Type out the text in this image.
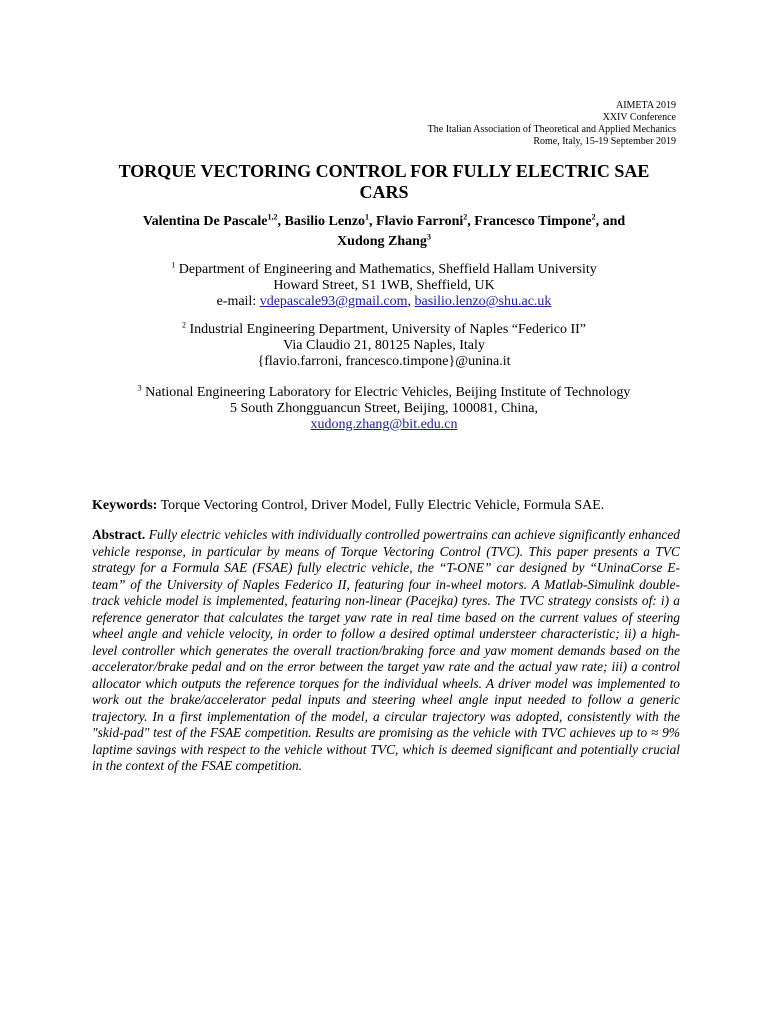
AIMETA 2019
XXIV Conference
The Italian Association of Theoretical and Applied Mechanics
Rome, Italy, 15-19 September 2019
TORQUE VECTORING CONTROL FOR FULLY ELECTRIC SAE
CARS
Valentina De Pascale$^{1,2}$, Basilio Lenzo$^1$, Flavio Farroni$^2$, Francesco Timpone$^2$, and
Xudong Zhang$^3$
$^1$ Department of Engineering and Mathematics, Sheffield Hallam University
Howard Street, S1 1WB, Sheffield, UK
e-mail: vdepascale93@gmail.com, basilio.lenzo@shu.ac.uk
$^2$ Industrial Engineering Department, University of Naples “Federico II”
Via Claudio 21, 80125 Naples, Italy
{flavio.farroni, francesco.timpone}@unina.it
$^3$ National Engineering Laboratory for Electric Vehicles, Beijing Institute of Technology
5 South Zhongguancun Street, Beijing, 100081, China,
xudong.zhang@bit.edu.cn
Keywords: Torque Vectoring Control, Driver Model, Fully Electric Vehicle, Formula SAE.
Abstract. Fully electric vehicles with individually controlled powertrains can achieve significantly enhanced vehicle response, in particular by means of Torque Vectoring Control (TVC). This paper presents a TVC strategy for a Formula SAE (FSAE) fully electric vehicle, the “T-ONE” car designed by “UninaCorse E-team” of the University of Naples Federico II, featuring four in-wheel motors. A Matlab-Simulink double-track vehicle model is implemented, featuring non-linear (Pacejka) tyres. The TVC strategy consists of: i) a reference generator that calculates the target yaw rate in real time based on the current values of steering wheel angle and vehicle velocity, in order to follow a desired optimal understeer characteristic; ii) a high-level controller which generates the overall traction/braking force and yaw moment demands based on the accelerator/brake pedal and on the error between the target yaw rate and the actual yaw rate; iii) a control allocator which outputs the reference torques for the individual wheels. A driver model was implemented to work out the brake/accelerator pedal inputs and steering wheel angle input needed to follow a generic trajectory. In a first implementation of the model, a circular trajectory was adopted, consistently with the "skid-pad" test of the FSAE competition. Results are promising as the vehicle with TVC achieves up to ≈ 9% laptime savings with respect to the vehicle without TVC, which is deemed significant and potentially crucial in the context of the FSAE competition.
